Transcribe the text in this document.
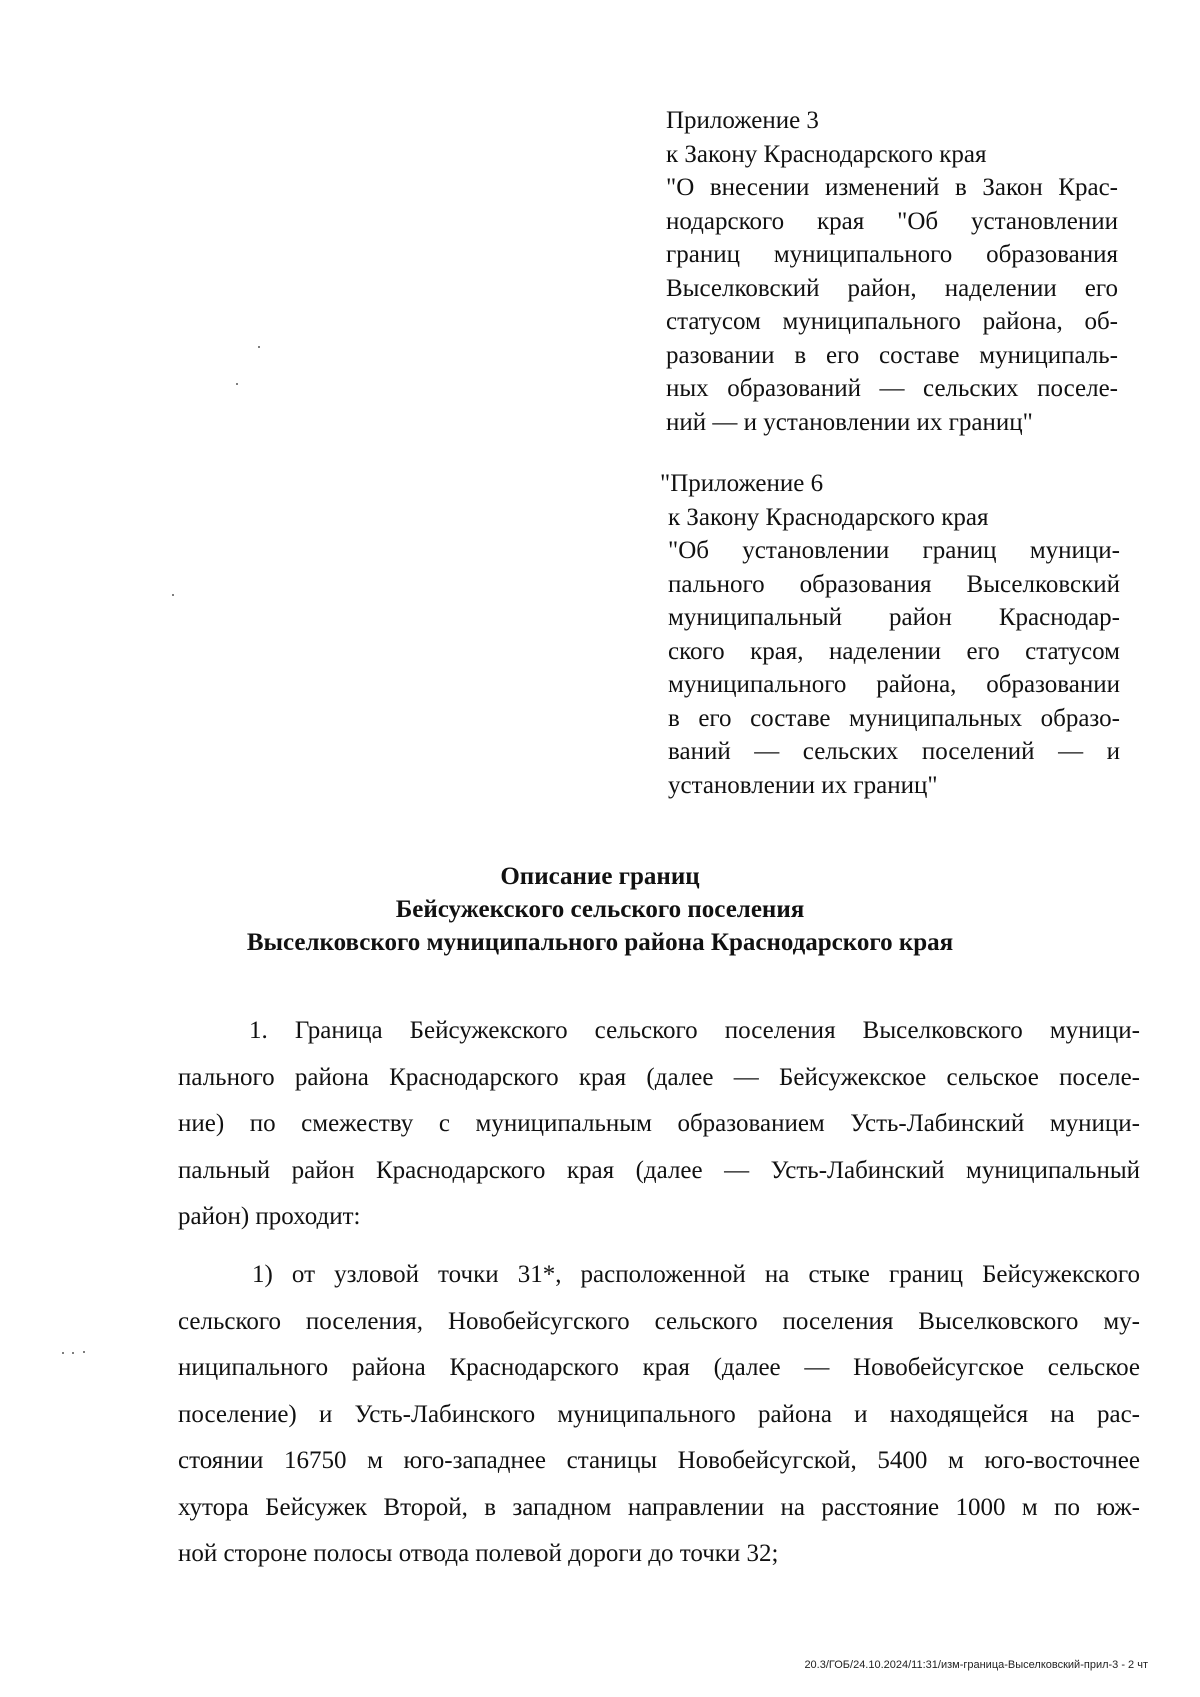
Приложение 3
к Закону Краснодарского края
"О внесении изменений в Закон Крас-
нодарского края "Об установлении
границ муниципального образования
Выселковский район, наделении его
статусом муниципального района, об-
разовании в его составе муниципаль-
ных образований — сельских поселе-
ний — и установлении их границ"
"Приложение 6
к Закону Краснодарского края
"Об установлении границ муници-
пального образования Выселковский
муниципальный район Краснодар-
ского края, наделении его статусом
муниципального района, образовании
в его составе муниципальных образо-
ваний — сельских поселений — и
установлении их границ"
Описание границ
Бейсужекского сельского поселения
Выселковского муниципального района Краснодарского края
1. Граница Бейсужекского сельского поселения Выселковского муници-
пального района Краснодарского края (далее — Бейсужекское сельское поселе-
ние) по смежеству с муниципальным образованием Усть-Лабинский муници-
пальный район Краснодарского края (далее — Усть-Лабинский муниципальный
район) проходит:
1) от узловой точки 31*, расположенной на стыке границ Бейсужекского
сельского поселения, Новобейсугского сельского поселения Выселковского му-
ниципального района Краснодарского края (далее — Новобейсугское сельское
поселение) и Усть-Лабинского муниципального района и находящейся на рас-
стоянии 16750 м юго-западнее станицы Новобейсугской, 5400 м юго-восточнее
хутора Бейсужек Второй, в западном направлении на расстояние 1000 м по юж-
ной стороне полосы отвода полевой дороги до точки 32;
20.3/ГОБ/24.10.2024/11:31/изм-граница-Выселковский-прил-3 - 2 чт
